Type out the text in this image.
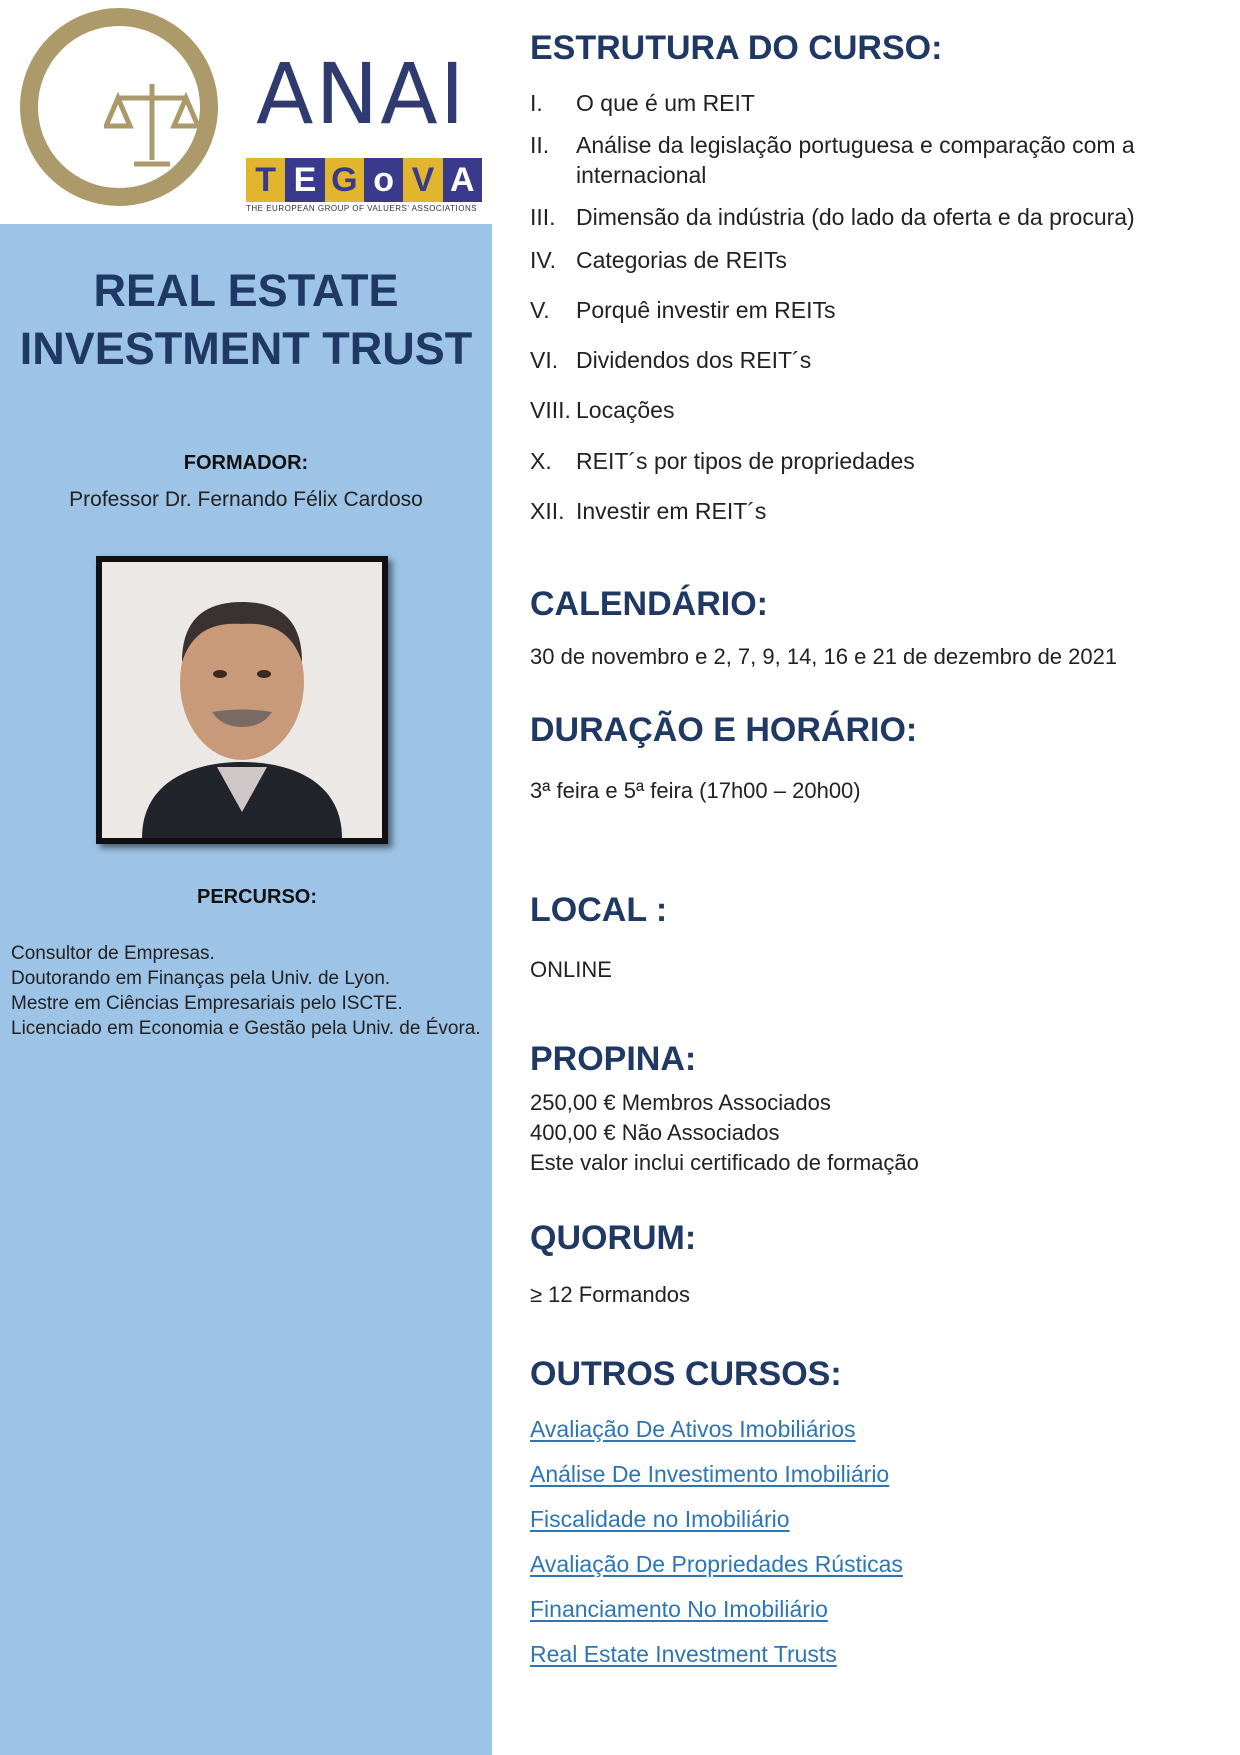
ANAI
T E G o V A
THE EUROPEAN GROUP OF VALUERS' ASSOCIATIONS
REAL ESTATE
INVESTMENT TRUST
FORMADOR:
Professor Dr. Fernando Félix Cardoso
PERCURSO:
Consultor de Empresas.
Doutorando em Finanças pela Univ. de Lyon.
Mestre em Ciências Empresariais pelo ISCTE.
Licenciado em Economia e Gestão pela Univ. de Évora.
ESTRUTURA DO CURSO:
I. O que é um REIT
II. Análise da legislação portuguesa e comparação com a internacional
III. Dimensão da indústria (do lado da oferta e da procura)
IV. Categorias de REITs
V. Porquê investir em REITs
VI. Dividendos dos REIT´s
VIII. Locações
X. REIT´s por tipos de propriedades
XII. Investir em REIT´s
CALENDÁRIO:
30 de novembro e 2, 7, 9, 14, 16 e 21 de dezembro de 2021
DURAÇÃO E HORÁRIO:
3ª feira e 5ª feira (17h00 – 20h00)
LOCAL :
ONLINE
PROPINA:
250,00 € Membros Associados
400,00 € Não Associados
Este valor inclui certificado de formação
QUORUM:
≥ 12 Formandos
OUTROS CURSOS:
Avaliação De Ativos Imobiliários
Análise De Investimento Imobiliário
Fiscalidade no Imobiliário
Avaliação De Propriedades Rústicas
Financiamento No Imobiliário
Real Estate Investment Trusts
